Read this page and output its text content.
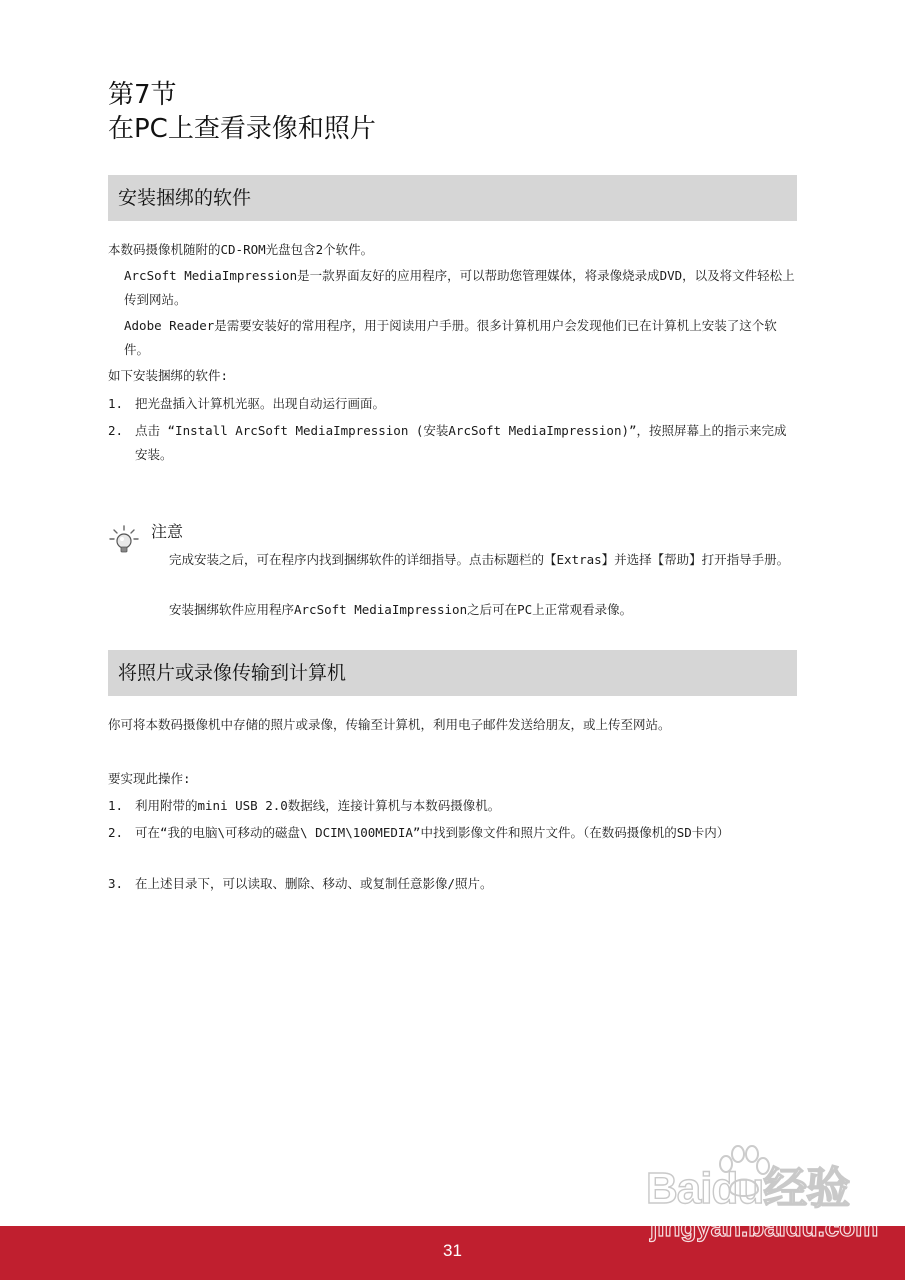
第7节
在PC上查看录像和照片
安装捆绑的软件
本数码摄像机随附的CD-ROM光盘包含2个软件。
ArcSoft MediaImpression是一款界面友好的应用程序，可以帮助您管理媒体，将录像烧录成DVD，以及将文件轻松上传到网站。
Adobe Reader是需要安装好的常用程序，用于阅读用户手册。很多计算机用户会发现他们已在计算机上安装了这个软件。
如下安装捆绑的软件:
1. 把光盘插入计算机光驱。出现自动运行画面。
2. 点击 “Install ArcSoft MediaImpression (安装ArcSoft MediaImpression)”，按照屏幕上的指示来完成安装。
注意
完成安装之后，可在程序内找到捆绑软件的详细指导。点击标题栏的【Extras】并选择【帮助】打开指导手册。
安装捆绑软件应用程序ArcSoft MediaImpression之后可在PC上正常观看录像。
将照片或录像传输到计算机
你可将本数码摄像机中存储的照片或录像，传输至计算机，利用电子邮件发送给朋友，或上传至网站。
要实现此操作:
1. 利用附带的mini USB 2.0数据线，连接计算机与本数码摄像机。
2. 可在“我的电脑\可移动的磁盘\ DCIM\100MEDIA”中找到影像文件和照片文件。（在数码摄像机的SD卡内）
3. 在上述目录下，可以读取、删除、移动、或复制任意影像/照片。
Baidu经验
jingyan.baidu.com
31
